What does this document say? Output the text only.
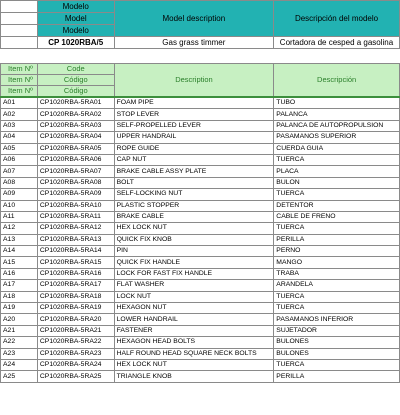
	Modelo	Model description	Descripción del modelo
	Model		
	Modelo		
	CP 1020RBA/5	Gas grass timmer	Cortadora de cesped a gasolina
Item Nº	Code	Description	Descripción
Item Nº	Código		
Item Nº	Código		
A01	CP1020RBA-5RA01	FOAM PIPE	TUBO
A02	CP1020RBA-5RA02	STOP LEVER	PALANCA
A03	CP1020RBA-5RA03	SELF-PROPELLED LEVER	PALANCA DE AUTOPROPULSION
A04	CP1020RBA-5RA04	UPPER HANDRAIL	PASAMANOS SUPERIOR
A05	CP1020RBA-5RA05	ROPE GUIDE	CUERDA GUIA
A06	CP1020RBA-5RA06	CAP NUT	TUERCA
A07	CP1020RBA-5RA07	BRAKE CABLE ASSY PLATE	PLACA
A08	CP1020RBA-5RA08	BOLT	BULON
A09	CP1020RBA-5RA09	SELF-LOCKING NUT	TUERCA
A10	CP1020RBA-5RA10	PLASTIC STOPPER	DETENTOR
A11	CP1020RBA-5RA11	BRAKE CABLE	CABLE DE FRENO
A12	CP1020RBA-5RA12	HEX LOCK NUT	TUERCA
A13	CP1020RBA-5RA13	QUICK FIX KNOB	PERILLA
A14	CP1020RBA-5RA14	PIN	PERNO
A15	CP1020RBA-5RA15	QUICK FIX HANDLE	MANGO
A16	CP1020RBA-5RA16	LOCK FOR FAST FIX HANDLE	TRABA
A17	CP1020RBA-5RA17	FLAT WASHER	ARANDELA
A18	CP1020RBA-5RA18	LOCK NUT	TUERCA
A19	CP1020RBA-5RA19	HEXAGON NUT	TUERCA
A20	CP1020RBA-5RA20	LOWER HANDRAIL	PASAMANOS INFERIOR
A21	CP1020RBA-5RA21	FASTENER	SUJETADOR
A22	CP1020RBA-5RA22	HEXAGON HEAD BOLTS	BULONES
A23	CP1020RBA-5RA23	HALF ROUND HEAD SQUARE NECK BOLTS	BULONES
A24	CP1020RBA-5RA24	HEX LOCK NUT	TUERCA
A25	CP1020RBA-5RA25	TRIANGLE KNOB	PERILLA
